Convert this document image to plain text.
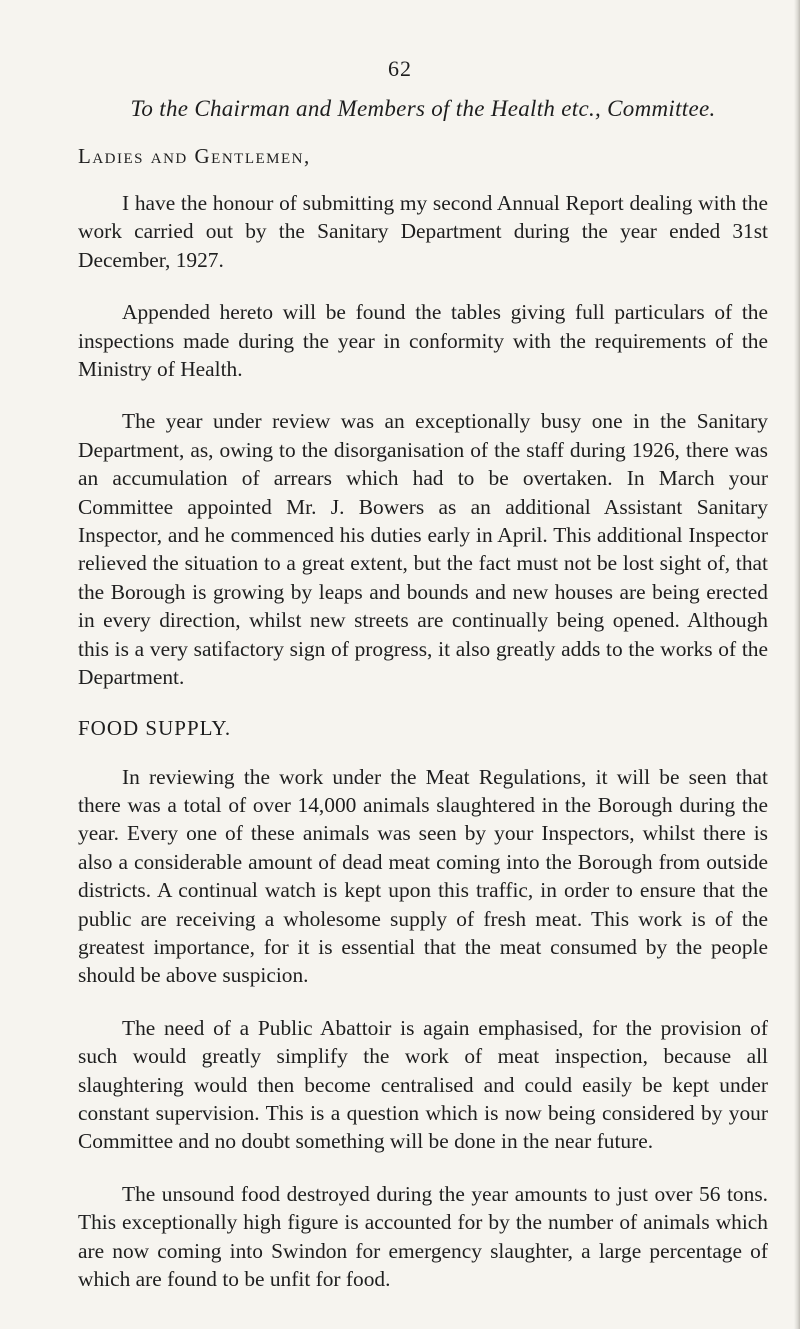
62
To the Chairman and Members of the Health etc., Committee.
Ladies and Gentlemen,

I have the honour of submitting my second Annual Report dealing with the work carried out by the Sanitary Department during the year ended 31st December, 1927.

Appended hereto will be found the tables giving full particulars of the inspections made during the year in conformity with the requirements of the Ministry of Health.

The year under review was an exceptionally busy one in the Sanitary Department, as, owing to the disorganisation of the staff during 1926, there was an accumulation of arrears which had to be overtaken. In March your Committee appointed Mr. J. Bowers as an additional Assistant Sanitary Inspector, and he commenced his duties early in April. This additional Inspector relieved the situation to a great extent, but the fact must not be lost sight of, that the Borough is growing by leaps and bounds and new houses are being erected in every direction, whilst new streets are continually being opened. Although this is a very satifactory sign of progress, it also greatly adds to the works of the Department.

FOOD SUPPLY.

In reviewing the work under the Meat Regulations, it will be seen that there was a total of over 14,000 animals slaughtered in the Borough during the year. Every one of these animals was seen by your Inspectors, whilst there is also a considerable amount of dead meat coming into the Borough from outside districts. A continual watch is kept upon this traffic, in order to ensure that the public are receiving a wholesome supply of fresh meat. This work is of the greatest importance, for it is essential that the meat consumed by the people should be above suspicion.

The need of a Public Abattoir is again emphasised, for the provision of such would greatly simplify the work of meat inspection, because all slaughtering would then become centralised and could easily be kept under constant supervision. This is a question which is now being considered by your Committee and no doubt something will be done in the near future.

The unsound food destroyed during the year amounts to just over 56 tons. This exceptionally high figure is accounted for by the number of animals which are now coming into Swindon for emergency slaughter, a large percentage of which are found to be unfit for food.
